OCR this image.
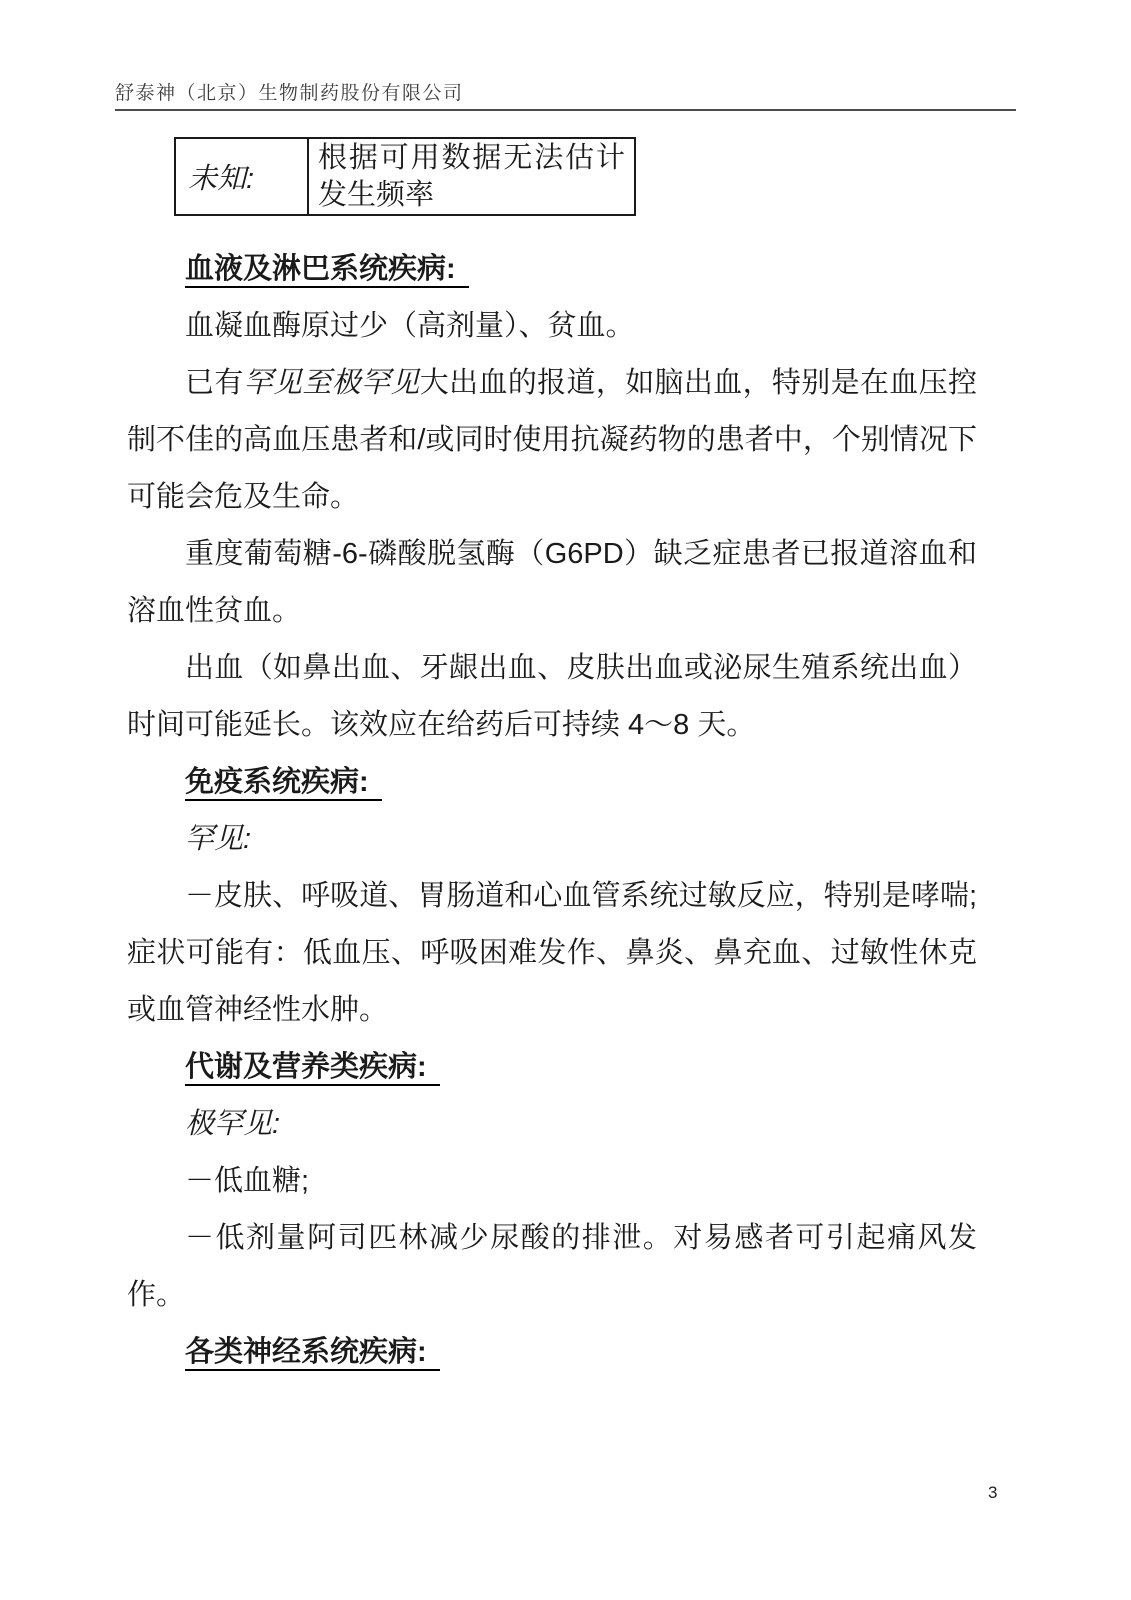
舒泰神（北京）生物制药股份有限公司
未知:	根据可用数据无法估计发生频率
血液及淋巴系统疾病:

血凝血酶原过少（高剂量）、贫血。

已有罕见至极罕见大出血的报道，如脑出血，特别是在血压控制不佳的高血压患者和/或同时使用抗凝药物的患者中，个别情况下可能会危及生命。

重度葡萄糖-6-磷酸脱氢酶（G6PD）缺乏症患者已报道溶血和溶血性贫血。

出血（如鼻出血、牙龈出血、皮肤出血或泌尿生殖系统出血）时间可能延长。该效应在给药后可持续 4～8 天。

免疫系统疾病:

罕见:

－皮肤、呼吸道、胃肠道和心血管系统过敏反应，特别是哮喘;症状可能有：低血压、呼吸困难发作、鼻炎、鼻充血、过敏性休克或血管神经性水肿。

代谢及营养类疾病:

极罕见:

－低血糖;

－低剂量阿司匹林减少尿酸的排泄。对易感者可引起痛风发作。

各类神经系统疾病:
3
